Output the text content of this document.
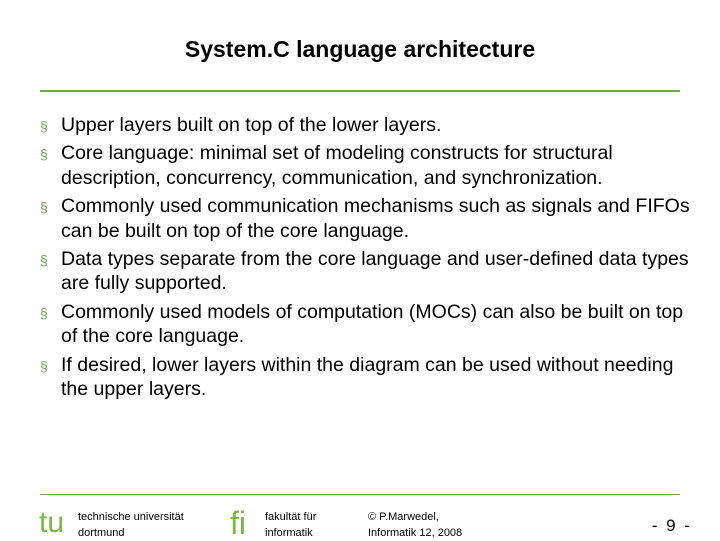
System.C language architecture
§ Upper layers built on top of the lower layers.
§ Core language: minimal set of modeling constructs for structural description, concurrency, communication, and synchronization.
§ Commonly used communication mechanisms such as signals and FIFOs can be built on top of the core language.
§ Data types separate from the core language and user-defined data types are fully supported.
§ Commonly used models of computation (MOCs) can also be built on top of the core language.
§ If desired, lower layers within the diagram can be used without needing the upper layers.
tu technische universität
dortmund	fi fakultät für
informatik
© P.Marwedel,
Informatik 12, 2008	- 9 -
